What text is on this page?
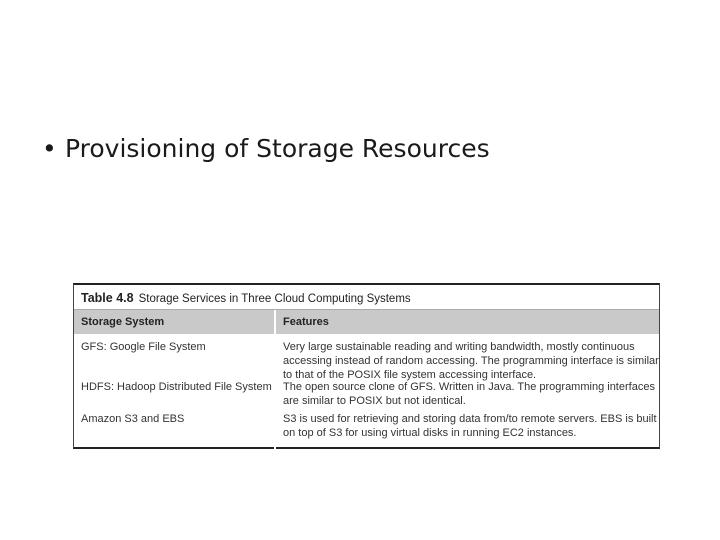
• Provisioning of Storage Resources
Table 4.8 Storage Services in Three Cloud Computing Systems
Storage System	Features
GFS: Google File System	Very large sustainable reading and writing bandwidth, mostly continuous accessing instead of random accessing. The programming interface is similar to that of the POSIX file system accessing interface.
HDFS: Hadoop Distributed File System	The open source clone of GFS. Written in Java. The programming interfaces are similar to POSIX but not identical.
Amazon S3 and EBS	S3 is used for retrieving and storing data from/to remote servers. EBS is built on top of S3 for using virtual disks in running EC2 instances.
